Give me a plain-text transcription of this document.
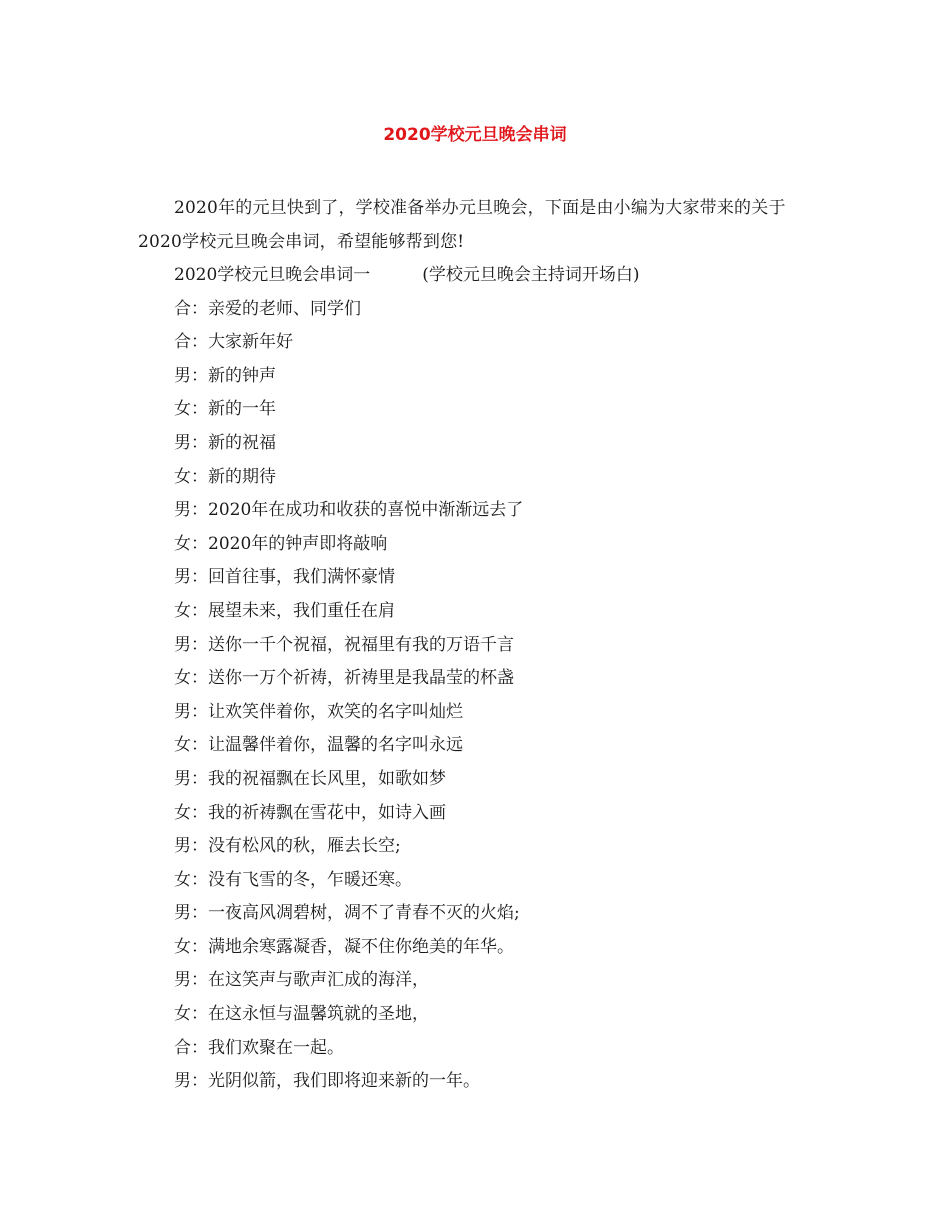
2020学校元旦晚会串词

2020年的元旦快到了，学校准备举办元旦晚会，下面是由小编为大家带来的关于2020学校元旦晚会串词，希望能够帮到您!

2020学校元旦晚会串词一	(学校元旦晚会主持词开场白)

合：亲爱的老师、同学们

合：大家新年好

男：新的钟声

女：新的一年

男：新的祝福

女：新的期待

男：2020年在成功和收获的喜悦中渐渐远去了

女：2020年的钟声即将敲响

男：回首往事，我们满怀豪情

女：展望未来，我们重任在肩

男：送你一千个祝福，祝福里有我的万语千言

女：送你一万个祈祷，祈祷里是我晶莹的杯盏

男：让欢笑伴着你，欢笑的名字叫灿烂

女：让温馨伴着你，温馨的名字叫永远

男：我的祝福飘在长风里，如歌如梦

女：我的祈祷飘在雪花中，如诗入画

男：没有松风的秋，雁去长空;

女：没有飞雪的冬，乍暖还寒。

男：一夜高风凋碧树，凋不了青春不灭的火焰;

女：满地余寒露凝香，凝不住你绝美的年华。

男：在这笑声与歌声汇成的海洋，

女：在这永恒与温馨筑就的圣地，

合：我们欢聚在一起。

男：光阴似箭，我们即将迎来新的一年。
